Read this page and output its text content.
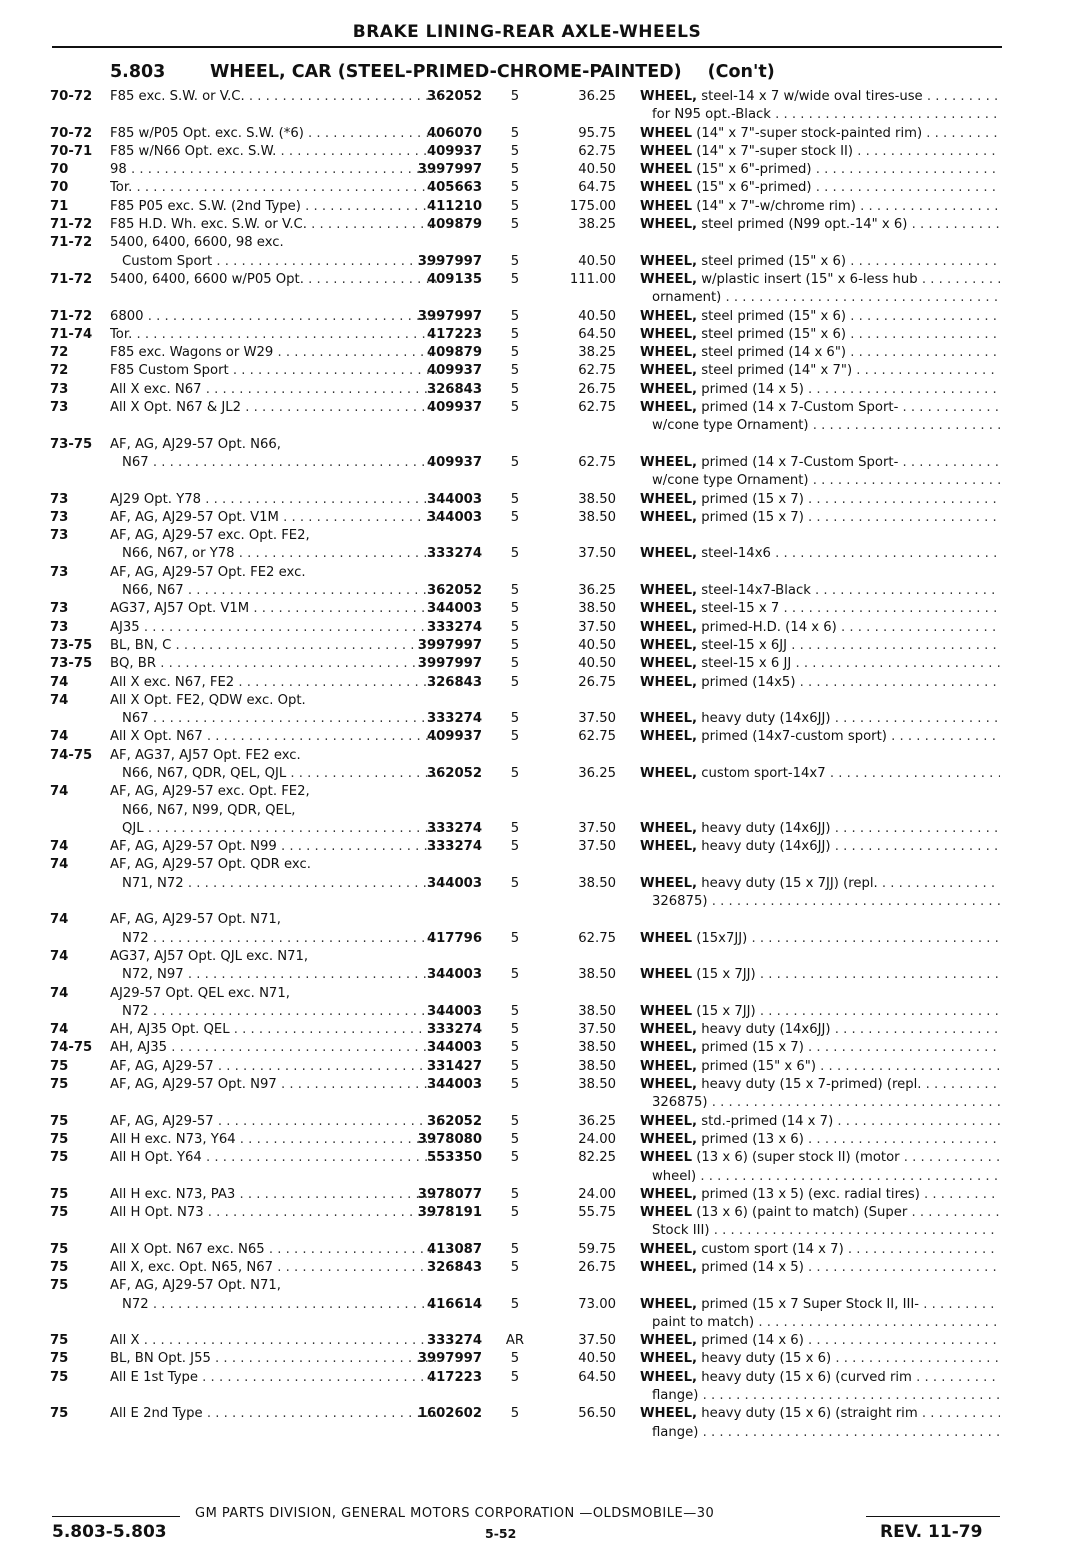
BRAKE LINING-REAR AXLE-WHEELS
5.803	WHEEL, CAR (STEEL-PRIMED-CHROME-PAINTED) (Con't)
70-72	F85 exc. S.W. or V.C. . . .	362052	5	36.25 WHEEL, steel-14 x 7 w/wide oval tires-use . . .
for N95 opt.-Black . . .
70-72	F85 w/P05 Opt. exc. S.W. (*6) . . .	406070	5	95.75 WHEEL (14" x 7"-super stock-painted rim) . . .
70-71	F85 w/N66 Opt. exc. S.W. . . .	409937	5	62.75 WHEEL (14" x 7"-super stock II) . . .
70	98 . . .	3997997	5	40.50 WHEEL (15" x 6"-primed) . . .
70	Tor. . . .	405663	5	64.75 WHEEL (15" x 6"-primed) . . .
71	F85 P05 exc. S.W. (2nd Type) . . .	411210	5	175.00 WHEEL (14" x 7"-w/chrome rim) . . .
71-72	F85 H.D. Wh. exc. S.W. or V.C. . . .	409879	5	38.25 WHEEL, steel primed (N99 opt.-14" x 6) . . .
71-72	5400, 6400, 6600, 98 exc.
Custom Sport . . .	3997997	5	40.50 WHEEL, steel primed (15" x 6) . . .
71-72	5400, 6400, 6600 w/P05 Opt. . . .	409135	5	111.00 WHEEL, w/plastic insert (15" x 6-less hub . . .
ornament) . . .
71-72	6800 . . .	3997997	5	40.50 WHEEL, steel primed (15" x 6) . . .
71-74	Tor. . . .	417223	5	64.50 WHEEL, steel primed (15" x 6) . . .
72	F85 exc. Wagons or W29 . . .	409879	5	38.25 WHEEL, steel primed (14 x 6") . . .
72	F85 Custom Sport . . .	409937	5	62.75 WHEEL, steel primed (14" x 7") . . .
73	All X exc. N67 . . .	326843	5	26.75 WHEEL, primed (14 x 5) . . .
73	All X Opt. N67 & JL2 . . .	409937	5	62.75 WHEEL, primed (14 x 7-Custom Sport- . . .
w/cone type Ornament) . . .
73-75	AF, AG, AJ29-57 Opt. N66,
N67 . . .	409937	5	62.75 WHEEL, primed (14 x 7-Custom Sport- . . .
w/cone type Ornament) . . .
73	AJ29 Opt. Y78 . . .	344003	5	38.50 WHEEL, primed (15 x 7) . . .
73	AF, AG, AJ29-57 Opt. V1M . . .	344003	5	38.50 WHEEL, primed (15 x 7) . . .
73	AF, AG, AJ29-57 exc. Opt. FE2,
N66, N67, or Y78 . . .	333274	5	37.50 WHEEL, steel-14x6 . . .
73	AF, AG, AJ29-57 Opt. FE2 exc.
N66, N67 . . .	362052	5	36.25 WHEEL, steel-14x7-Black . . .
73	AG37, AJ57 Opt. V1M . . .	344003	5	38.50 WHEEL, steel-15 x 7 . . .
73	AJ35 . . .	333274	5	37.50 WHEEL, primed-H.D. (14 x 6) . . .
73-75	BL, BN, C . . .	3997997	5	40.50 WHEEL, steel-15 x 6JJ . . .
73-75	BQ, BR . . .	3997997	5	40.50 WHEEL, steel-15 x 6 JJ . . .
74	All X exc. N67, FE2 . . .	326843	5	26.75 WHEEL, primed (14x5) . . .
74	All X Opt. FE2, QDW exc. Opt.
N67 . . .	333274	5	37.50 WHEEL, heavy duty (14x6JJ) . . .
74	All X Opt. N67 . . .	409937	5	62.75 WHEEL, primed (14x7-custom sport) . . .
74-75	AF, AG37, AJ57 Opt. FE2 exc.
N66, N67, QDR, QEL, QJL . . .	362052	5	36.25 WHEEL, custom sport-14x7 . . .
74	AF, AG, AJ29-57 exc. Opt. FE2,
N66, N67, N99, QDR, QEL,
QJL . . .	333274	5	37.50 WHEEL, heavy duty (14x6JJ) . . .
74	AF, AG, AJ29-57 Opt. N99 . . .	333274	5	37.50 WHEEL, heavy duty (14x6JJ) . . .
74	AF, AG, AJ29-57 Opt. QDR exc.
N71, N72 . . .	344003	5	38.50 WHEEL, heavy duty (15 x 7JJ) (repl. . . .
326875) . . .
74	AF, AG, AJ29-57 Opt. N71,
N72 . . .	417796	5	62.75 WHEEL (15x7JJ) . . .
74	AG37, AJ57 Opt. QJL exc. N71,
N72, N97 . . .	344003	5	38.50 WHEEL (15 x 7JJ) . . .
74	AJ29-57 Opt. QEL exc. N71,
N72 . . .	344003	5	38.50 WHEEL (15 x 7JJ) . . .
74	AH, AJ35 Opt. QEL . . .	333274	5	37.50 WHEEL, heavy duty (14x6JJ) . . .
74-75	AH, AJ35 . . .	344003	5	38.50 WHEEL, primed (15 x 7) . . .
75	AF, AG, AJ29-57 . . .	331427	5	38.50 WHEEL, primed (15" x 6") . . .
75	AF, AG, AJ29-57 Opt. N97 . . .	344003	5	38.50 WHEEL, heavy duty (15 x 7-primed) (repl. . . .
326875) . . .
75	AF, AG, AJ29-57 . . .	362052	5	36.25 WHEEL, std.-primed (14 x 7) . . .
75	All H exc. N73, Y64 . . .	3978080	5	24.00 WHEEL, primed (13 x 6) . . .
75	All H Opt. Y64 . . .	553350	5	82.25 WHEEL (13 x 6) (super stock II) (motor . . .
wheel) . . .
75	All H exc. N73, PA3 . . .	3978077	5	24.00 WHEEL, primed (13 x 5) (exc. radial tires) . . .
75	All H Opt. N73 . . .	3978191	5	55.75 WHEEL (13 x 6) (paint to match) (Super . . .
Stock III) . . .
75	All X Opt. N67 exc. N65 . . .	413087	5	59.75 WHEEL, custom sport (14 x 7) . . .
75	All X, exc. Opt. N65, N67 . . .	326843	5	26.75 WHEEL, primed (14 x 5) . . .
75	AF, AG, AJ29-57 Opt. N71,
N72 . . .	416614	5	73.00 WHEEL, primed (15 x 7 Super Stock II, III- . . .
paint to match) . . .
75	All X . . .	333274	AR	37.50 WHEEL, primed (14 x 6) . . .
75	BL, BN Opt. J55 . . .	3997997	5	40.50 WHEEL, heavy duty (15 x 6) . . .
75	All E 1st Type . . .	417223	5	64.50 WHEEL, heavy duty (15 x 6) (curved rim . . .
flange) . . .
75	All E 2nd Type . . .	1602602	5	56.50 WHEEL, heavy duty (15 x 6) (straight rim . . .
flange) . . .
GM PARTS DIVISION, GENERAL MOTORS CORPORATION —OLDSMOBILE—30
5.803-5.803	5-52	REV. 11-79
